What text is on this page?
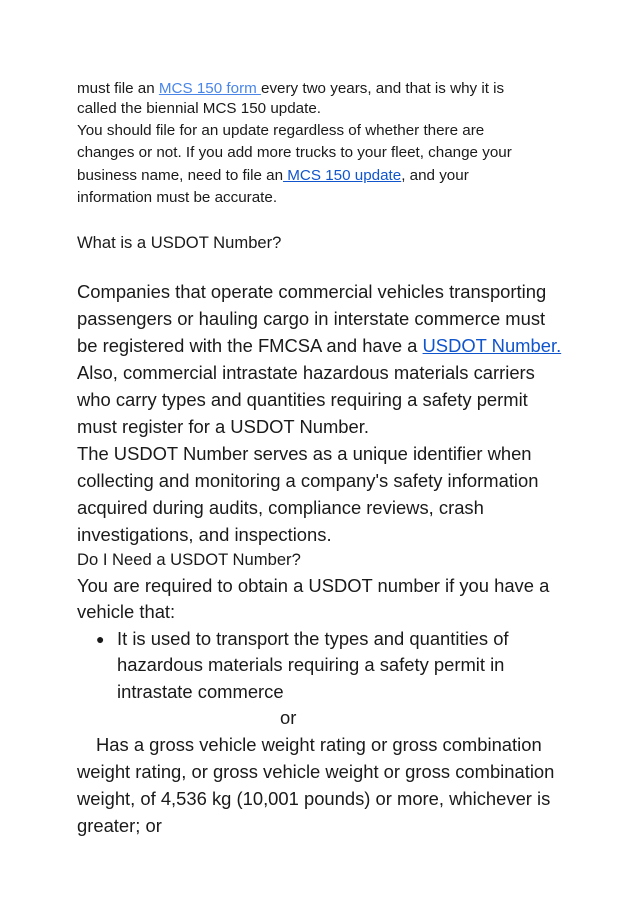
must file an MCS 150 form every two years, and that is why it is

called the biennial MCS 150 update.

You should file for an update regardless of whether there are

changes or not. If you add more trucks to your fleet, change your

business name, need to file an MCS 150 update, and your

information must be accurate.

What is a USDOT Number?

Companies that operate commercial vehicles transporting

passengers or hauling cargo in interstate commerce must

be registered with the FMCSA and have a USDOT Number.

Also, commercial intrastate hazardous materials carriers

who carry types and quantities requiring a safety permit

must register for a USDOT Number.

The USDOT Number serves as a unique identifier when

collecting and monitoring a company's safety information

acquired during audits, compliance reviews, crash

investigations, and inspections.

Do I Need a USDOT Number?

You are required to obtain a USDOT number if you have a

vehicle that:

● It is used to transport the types and quantities of

hazardous materials requiring a safety permit in

intrastate commerce

or

Has a gross vehicle weight rating or gross combination

weight rating, or gross vehicle weight or gross combination

weight, of 4,536 kg (10,001 pounds) or more, whichever is

greater; or
